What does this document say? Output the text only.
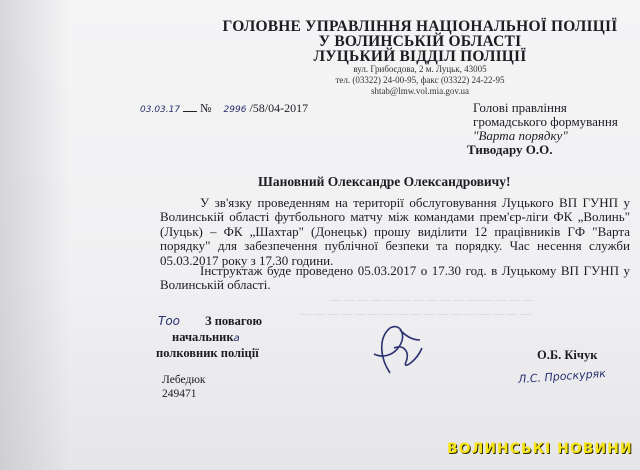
ГОЛОВНЕ УПРАВЛІННЯ НАЦІОНАЛЬНОЇ ПОЛІЦІЇ
У ВОЛИНСЬКІЙ ОБЛАСТІ
ЛУЦЬКИЙ ВІДДІЛ ПОЛІЦІЇ
вул. Грибоєдова, 2 м. Луцьк, 43005
тел. (03322) 24-00-95, факс (03322) 24-22-95
shtab@lmw.vol.mia.gov.ua
03.03.17 № 2996 /58/04-2017	Голові правління
громадського формування
"Варта порядку"
Тиводару О.О.
Шановний Олександре Олександровичу!
У зв'язку проведенням на території обслуговування Луцького ВП ГУНП у Волинській області футбольного матчу між командами прем'єр-ліги ФК „Волинь" (Луцьк) – ФК „Шахтар" (Донецьк) прошу виділити 12 працівників ГФ "Варта порядку" для забезпечення публічної безпеки та порядку. Час несення служби 05.03.2017 року з 17.30 години.
Інструктаж буде проведено 05.03.2017 о 17.30 год. в Луцькому ВП ГУНП у Волинській області.
— — — — — — — — — — — — — — —
— — — — — — — — — — — — — — — — —
Тоо З повагою
начальника
полковник поліції	О.Б. Кічук
Л.С. Проскуряк
Лебедюк
249471
ВОЛИНСЬКІ НОВИНИ
